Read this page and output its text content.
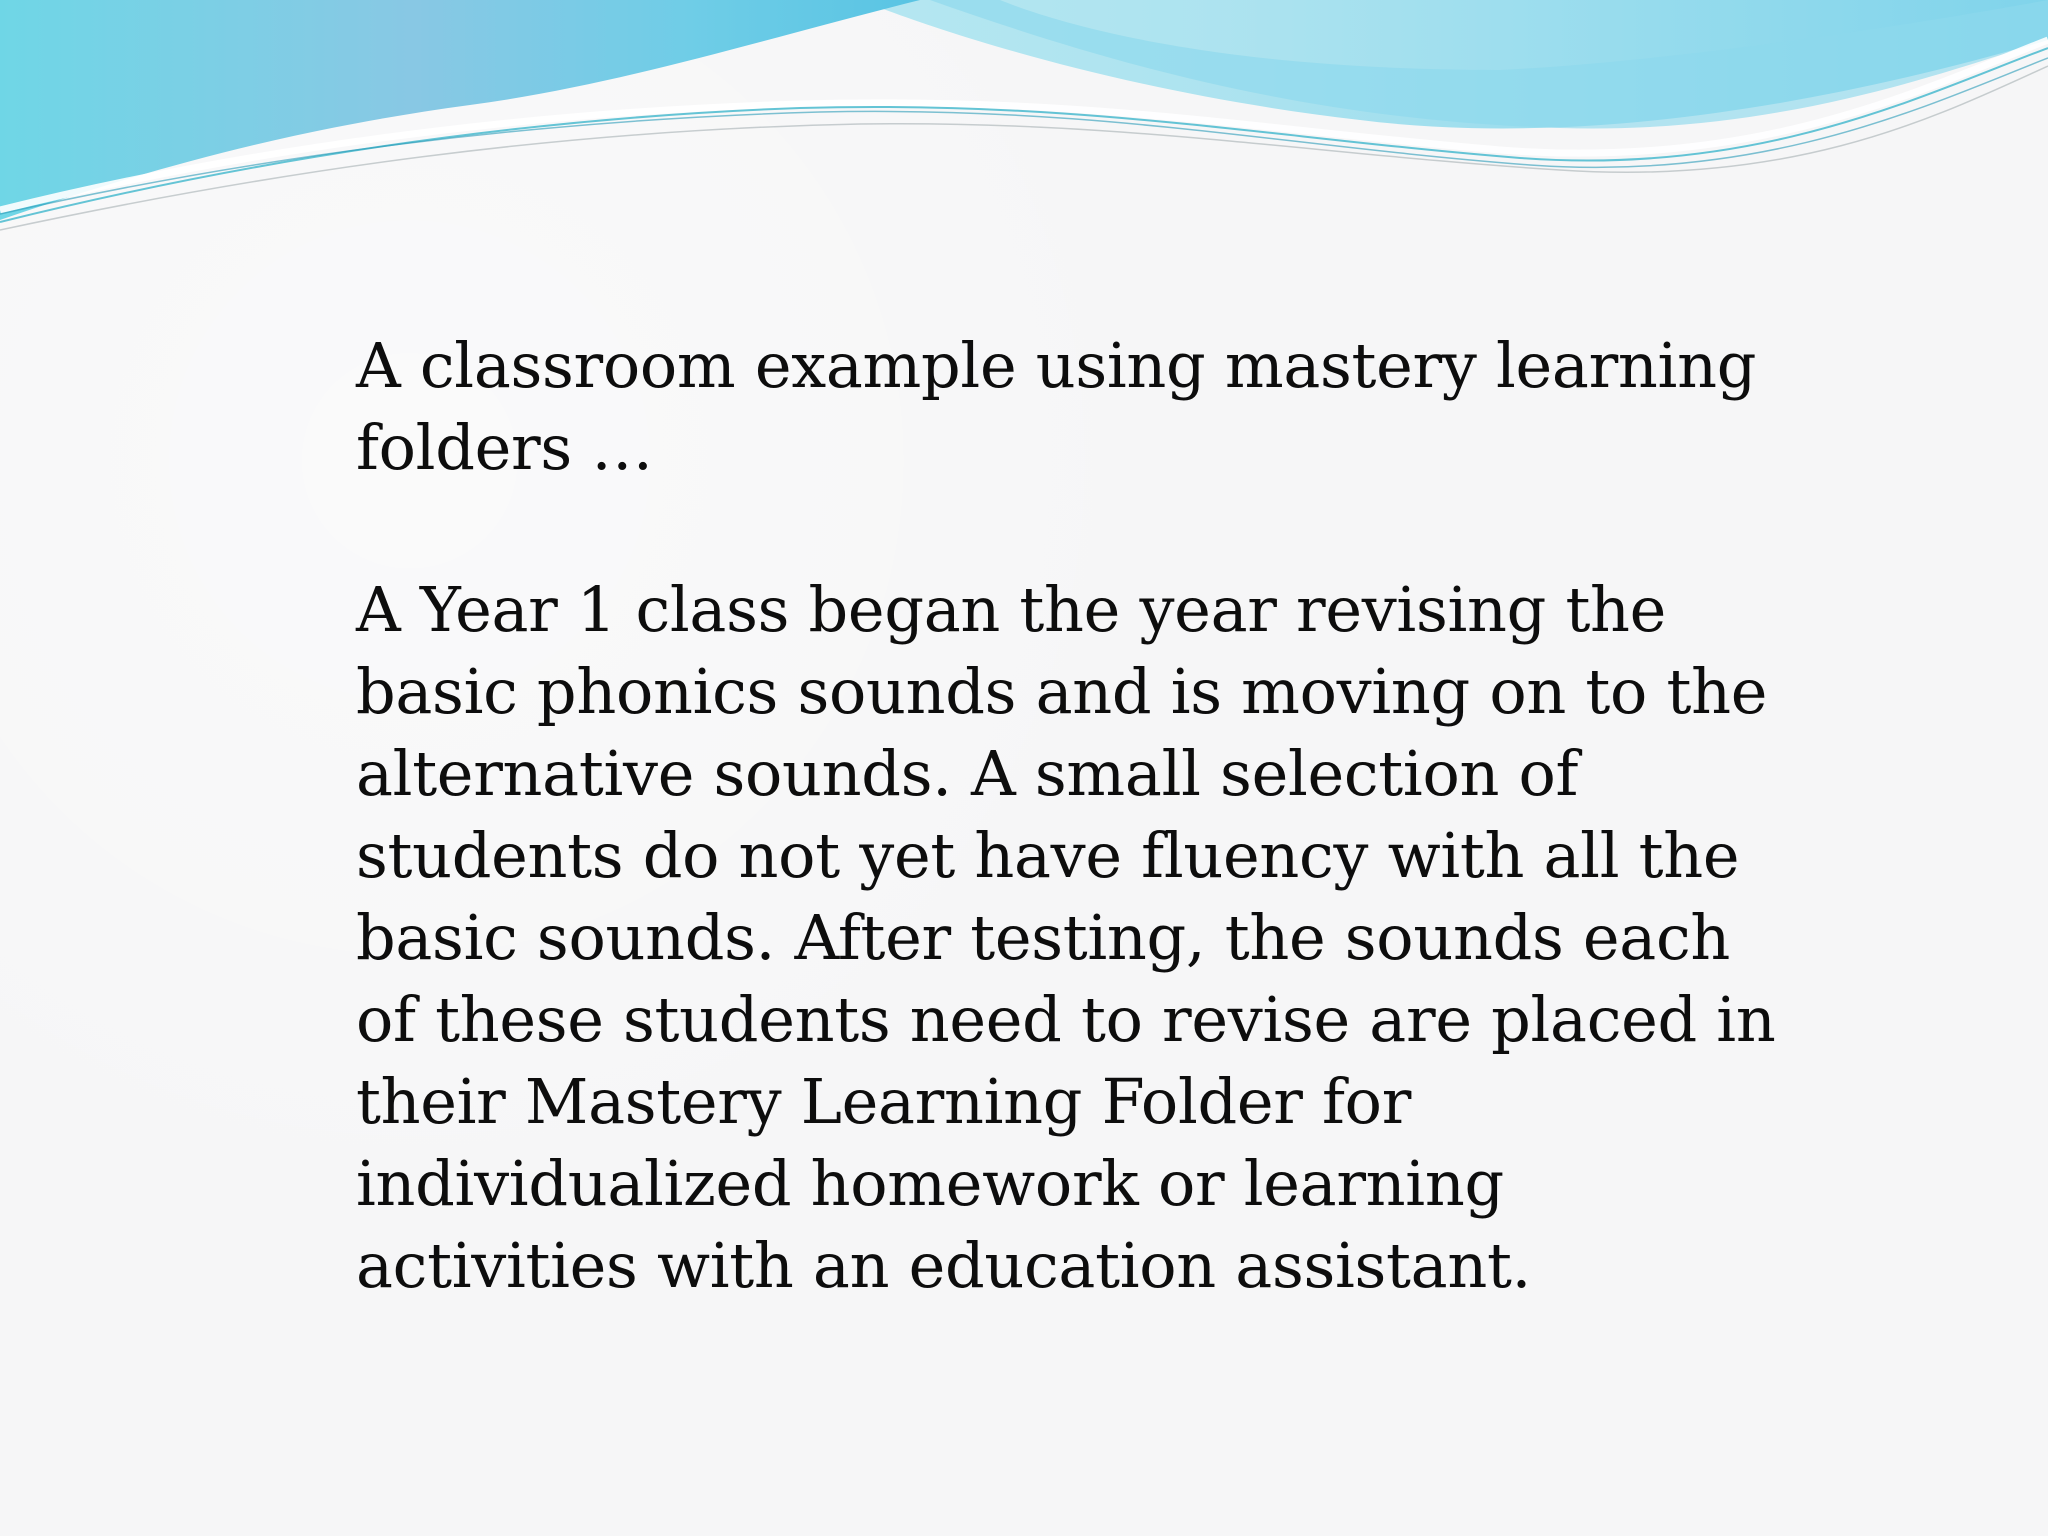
A classroom example using mastery learning folders …

A Year 1 class began the year revising the basic phonics sounds and is moving on to the alternative sounds. A small selection of students do not yet have fluency with all the basic sounds. After testing, the sounds each of these students need to revise are placed in their Mastery Learning Folder for individualized homework or learning activities with an education assistant.
